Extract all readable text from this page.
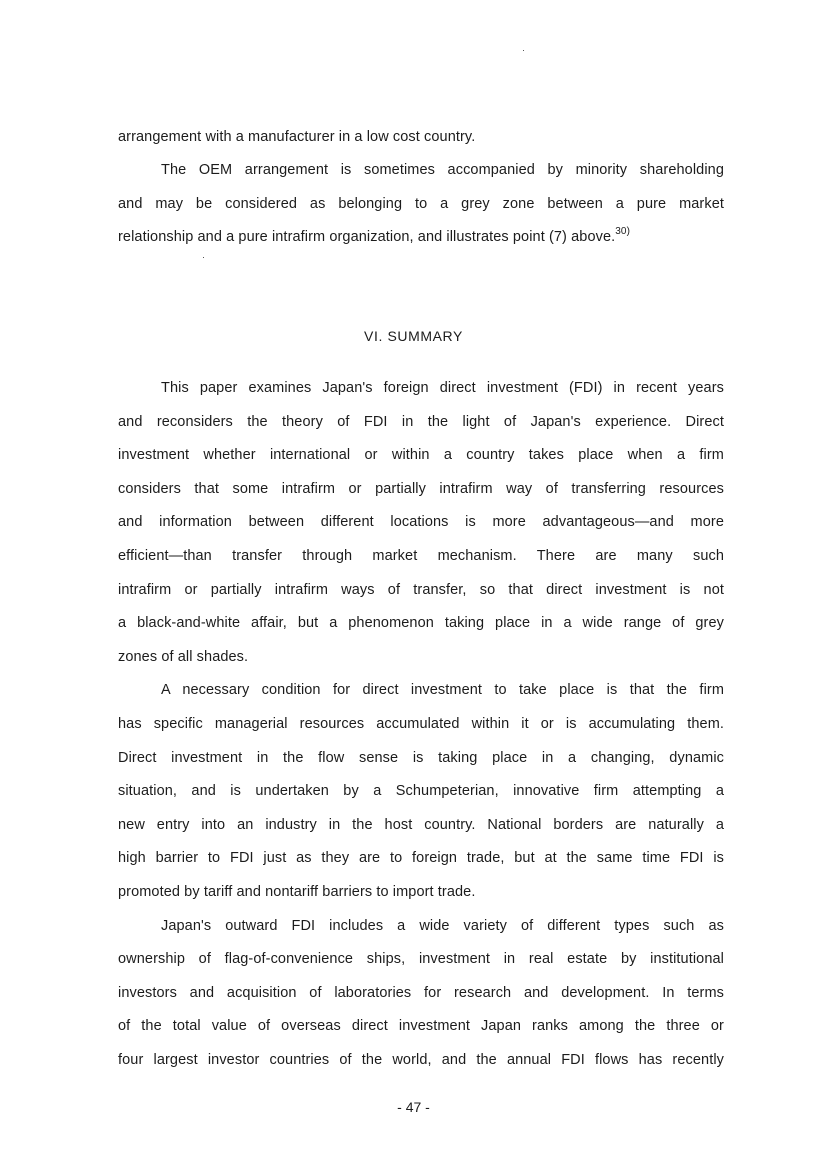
arrangement with a manufacturer in a low cost country.

The OEM arrangement is sometimes accompanied by minority shareholding

and may be considered as belonging to a grey zone between a pure market

relationship and a pure intrafirm organization, and illustrates point (7) above.$^{30)}$

VI. SUMMARY

This paper examines Japan's foreign direct investment (FDI) in recent years

and reconsiders the theory of FDI in the light of Japan's experience. Direct

investment whether international or within a country takes place when a firm

considers that some intrafirm or partially intrafirm way of transferring resources

and information between different locations is more advantageous—and more

efficient—than transfer through market mechanism. There are many such

intrafirm or partially intrafirm ways of transfer, so that direct investment is not

a black-and-white affair, but a phenomenon taking place in a wide range of grey

zones of all shades.

A necessary condition for direct investment to take place is that the firm

has specific managerial resources accumulated within it or is accumulating them.

Direct investment in the flow sense is taking place in a changing, dynamic

situation, and is undertaken by a Schumpeterian, innovative firm attempting a

new entry into an industry in the host country. National borders are naturally a

high barrier to FDI just as they are to foreign trade, but at the same time FDI is

promoted by tariff and nontariff barriers to import trade.

Japan's outward FDI includes a wide variety of different types such as

ownership of flag-of-convenience ships, investment in real estate by institutional

investors and acquisition of laboratories for research and development. In terms

of the total value of overseas direct investment Japan ranks among the three or

four largest investor countries of the world, and the annual FDI flows has recently

- 47 -
